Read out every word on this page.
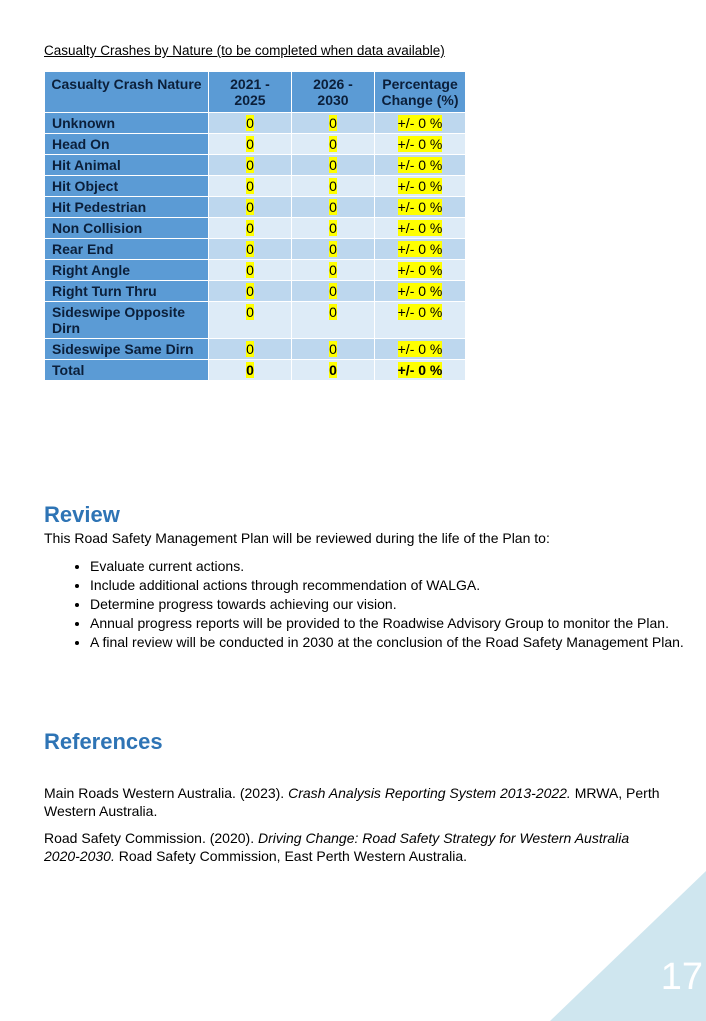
Casualty Crashes by Nature (to be completed when data available)
Casualty Crash Nature	2021 - 2025	2026 - 2030	Percentage Change (%)
Unknown	0	0	+/- 0 %
Head On	0	0	+/- 0 %
Hit Animal	0	0	+/- 0 %
Hit Object	0	0	+/- 0 %
Hit Pedestrian	0	0	+/- 0 %
Non Collision	0	0	+/- 0 %
Rear End	0	0	+/- 0 %
Right Angle	0	0	+/- 0 %
Right Turn Thru	0	0	+/- 0 %
Sideswipe Opposite Dirn	0	0	+/- 0 %
Sideswipe Same Dirn	0	0	+/- 0 %
Total	0	0	+/- 0 %
Review
This Road Safety Management Plan will be reviewed during the life of the Plan to:
• Evaluate current actions.
• Include additional actions through recommendation of WALGA.
• Determine progress towards achieving our vision.
• Annual progress reports will be provided to the Roadwise Advisory Group to monitor the Plan.
• A final review will be conducted in 2030 at the conclusion of the Road Safety Management Plan.
References
Main Roads Western Australia. (2023). Crash Analysis Reporting System 2013-2022. MRWA, Perth Western Australia.
Road Safety Commission. (2020). Driving Change: Road Safety Strategy for Western Australia 2020-2030. Road Safety Commission, East Perth Western Australia.
17
